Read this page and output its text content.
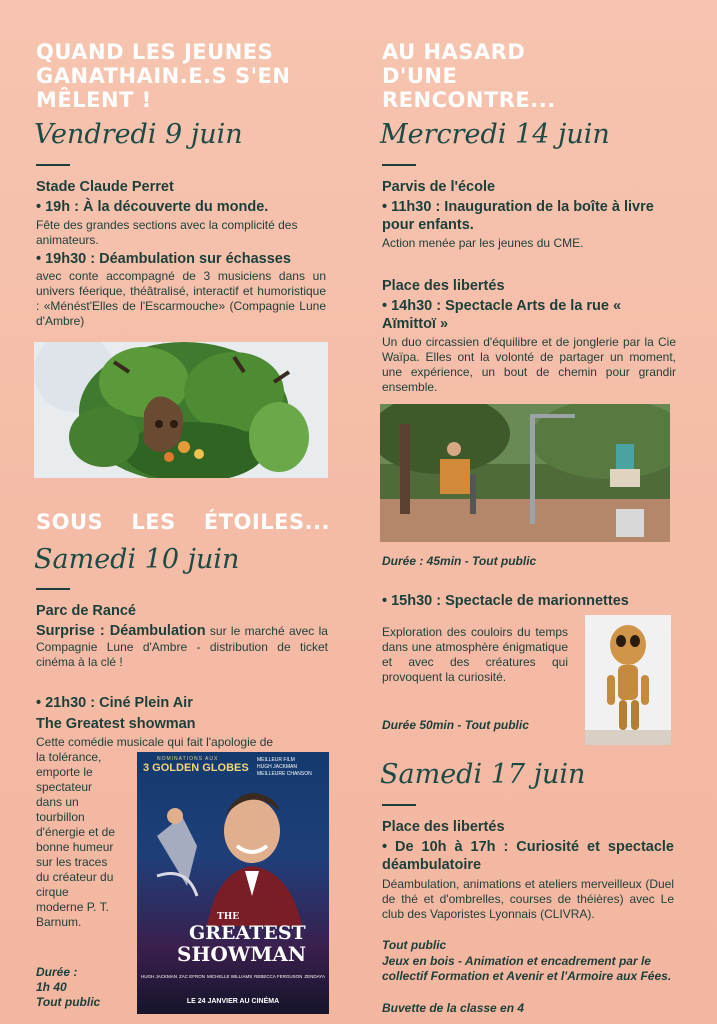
QUAND LES JEUNES
GANATHAIN.E.S S'EN
MÊLENT !
Vendredi 9 juin
Stade Claude Perret
• 19h : À la découverte du monde.
Fête des grandes sections avec la complicité des animateurs.
• 19h30 : Déambulation sur échasses
avec conte accompagné de 3 musiciens dans un univers féerique, théâtralisé, interactif et humoristique : «Ménést'Elles de l'Escarmouche» (Compagnie Lune d'Ambre)
SOUS LES ÉTOILES...
Samedi 10 juin
Parc de Rancé
Surprise : Déambulation sur le marché avec la Compagnie Lune d'Ambre - distribution de ticket cinéma à la clé !
• 21h30 : Ciné Plein Air
The Greatest showman
Cette comédie musicale qui fait l'apologie de
la tolérance,
emporte le
spectateur
dans un
tourbillon
d'énergie et de
bonne humeur
sur les traces
du créateur du
cirque
moderne P. T.
Barnum.
Durée :
1h 40
Tout public
NOMINATIONS AUX
3 GOLDEN GLOBES
MEILLEUR FILM
HUGH JACKMAN
MEILLEURE CHANSON
THE
GREATEST
SHOWMAN
HUGH JACKMAN ZAC EFRON MICHELLE WILLIAMS REBECCA FERGUSON ZENDAYA
LE 24 JANVIER AU CINÉMA
AU HASARD
D'UNE
RENCONTRE...
Mercredi 14 juin
Parvis de l'école
• 11h30 : Inauguration de la boîte à livre pour enfants.
Action menée par les jeunes du CME.
Place des libertés
• 14h30 : Spectacle Arts de la rue « Aïmittoï »
Un duo circassien d'équilibre et de jonglerie par la Cie Waïpa. Elles ont la volonté de partager un moment, une expérience, un bout de chemin pour grandir ensemble.
Durée : 45min - Tout public
• 15h30 : Spectacle de marionnettes
Exploration des couloirs du temps dans une atmosphère énigmatique et avec des créatures qui provoquent la curiosité.
Durée 50min - Tout public
Samedi 17 juin
Place des libertés
• De 10h à 17h : Curiosité et spectacle déambulatoire
Déambulation, animations et ateliers merveilleux (Duel de thé et d'ombrelles, courses de théières) avec Le club des Vaporistes Lyonnais (CLIVRA).
Tout public
Jeux en bois - Animation et encadrement par le collectif Formation et Avenir et l'Armoire aux Fées.
Buvette de la classe en 4
